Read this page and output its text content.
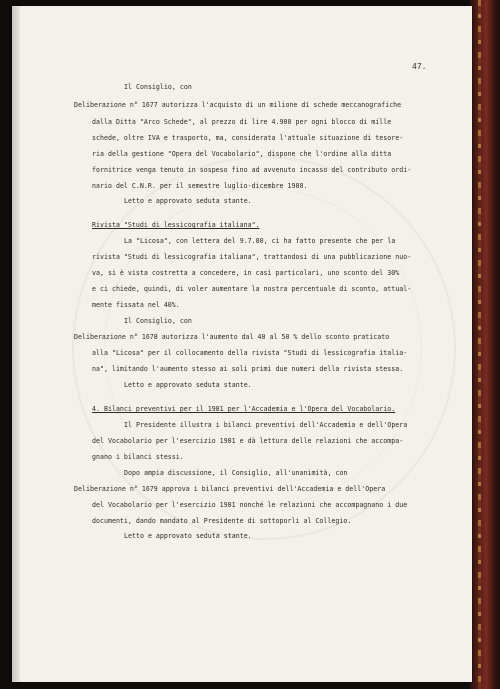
47.

Il Consiglio, con

Deliberazione n° 1677 autorizza l'acquisto di un milione di schede meccanografiche

dalla Ditta "Arco Schede", al prezzo di lire 4.900 per ogni blocco di mille

schede, oltre IVA e trasporto, ma, considerata l'attuale situazione di tesore-

ria della gestione "Opera del Vocabolario", dispone che l'ordine alla ditta

fornitrice venga tenuto in sospeso fino ad avvenuto incasso del contributo ordi-

nario del C.N.R. per il semestre luglio-dicembre 1980.

Letto e approvato seduta stante.

Rivista "Studi di lessicografia italiana".

La "Licosa", con lettera del 9.7.80, ci ha fatto presente che per la

rivista "Studi di lessicografia italiana", trattandosi di una pubblicazione nuo-

va, si è vista costretta a concedere, in casi particolari, uno sconto del 30%

e ci chiede, quindi, di voler aumentare la nostra percentuale di sconto, attual-

mente fissata nel 40%.

Il Consiglio, con

Deliberazione n° 1678 autorizza l'aumento dal 40 al 50 % dello sconto praticato

alla "Licosa" per il collocamento della rivista "Studi di lessicografia italia-

na", limitando l'aumento stesso ai soli primi due numeri della rivista stessa.

Letto e approvato seduta stante.

4. Bilanci preventivi per il 1981 per l'Accademia e l'Opera del Vocabolario.

Il Presidente illustra i bilanci preventivi dell'Accademia e dell'Opera

del Vocabolario per l'esercizio 1981 e dà lettura delle relazioni che accompa-

gnano i bilanci stessi.

Dopo ampia discussione, il Consiglio, all'unanimità, con

Deliberazione n° 1679 approva i bilanci preventivi dell'Accademia e dell'Opera

del Vocabolario per l'esercizio 1981 nonché le relazioni che accompagnano i due

documenti, dando mandato al Presidente di sottoporli al Collegio.

Letto e approvato seduta stante.
